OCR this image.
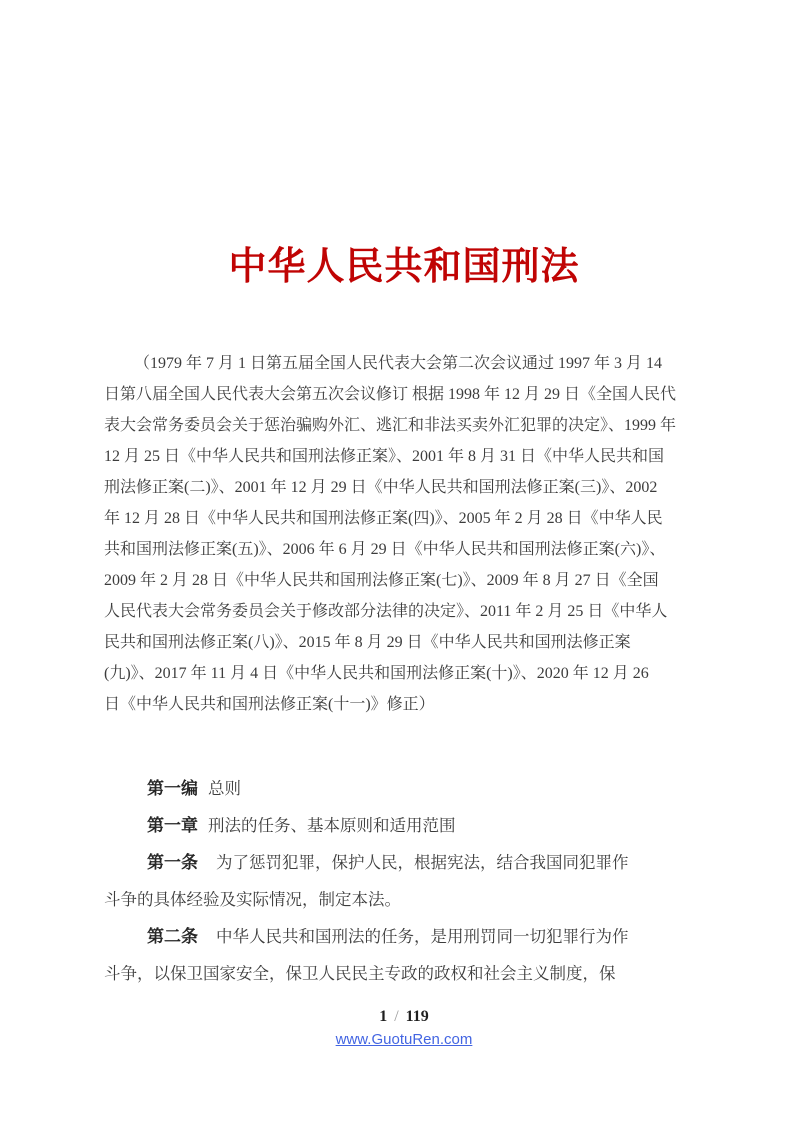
中华人民共和国刑法
（1979 年 7 月 1 日第五届全国人民代表大会第二次会议通过 1997 年 3 月 14
日第八届全国人民代表大会第五次会议修订 根据 1998 年 12 月 29 日《全国人民代
表大会常务委员会关于惩治骗购外汇、逃汇和非法买卖外汇犯罪的决定》、1999 年
12 月 25 日《中华人民共和国刑法修正案》、2001 年 8 月 31 日《中华人民共和国
刑法修正案(二)》、2001 年 12 月 29 日《中华人民共和国刑法修正案(三)》、2002
年 12 月 28 日《中华人民共和国刑法修正案(四)》、2005 年 2 月 28 日《中华人民
共和国刑法修正案(五)》、2006 年 6 月 29 日《中华人民共和国刑法修正案(六)》、
2009 年 2 月 28 日《中华人民共和国刑法修正案(七)》、2009 年 8 月 27 日《全国
人民代表大会常务委员会关于修改部分法律的决定》、2011 年 2 月 25 日《中华人
民共和国刑法修正案(八)》、2015 年 8 月 29 日《中华人民共和国刑法修正案
(九)》、2017 年 11 月 4 日《中华人民共和国刑法修正案(十)》、2020 年 12 月 26
日《中华人民共和国刑法修正案(十一)》修正）
第一编 总则
第一章 刑法的任务、基本原则和适用范围
第一条 为了惩罚犯罪，保护人民，根据宪法，结合我国同犯罪作
斗争的具体经验及实际情况，制定本法。
第二条 中华人民共和国刑法的任务，是用刑罚同一切犯罪行为作
斗争，以保卫国家安全，保卫人民民主专政的政权和社会主义制度，保
1 / 119
www.GuotuRen.com
